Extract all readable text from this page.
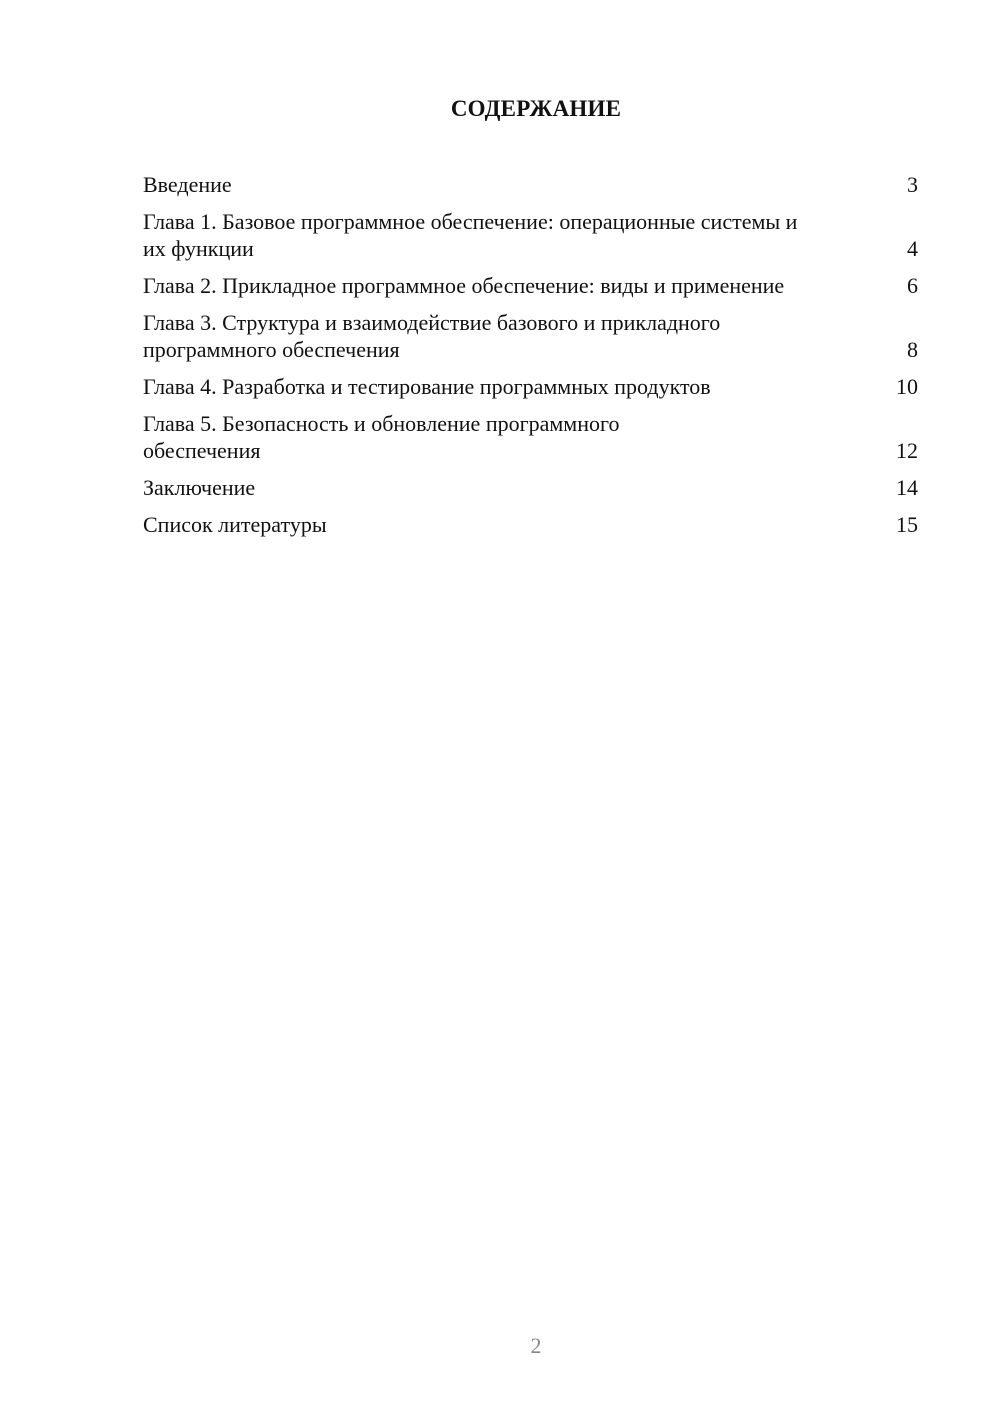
СОДЕРЖАНИЕ
Введение	3
Глава 1. Базовое программное обеспечение: операционные системы и их функции	4
Глава 2. Прикладное программное обеспечение: виды и применение	6
Глава 3. Структура и взаимодействие базового и прикладного программного обеспечения	8
Глава 4. Разработка и тестирование программных продуктов	10
Глава 5. Безопасность и обновление программного обеспечения	12
Заключение	14
Список литературы	15
2
